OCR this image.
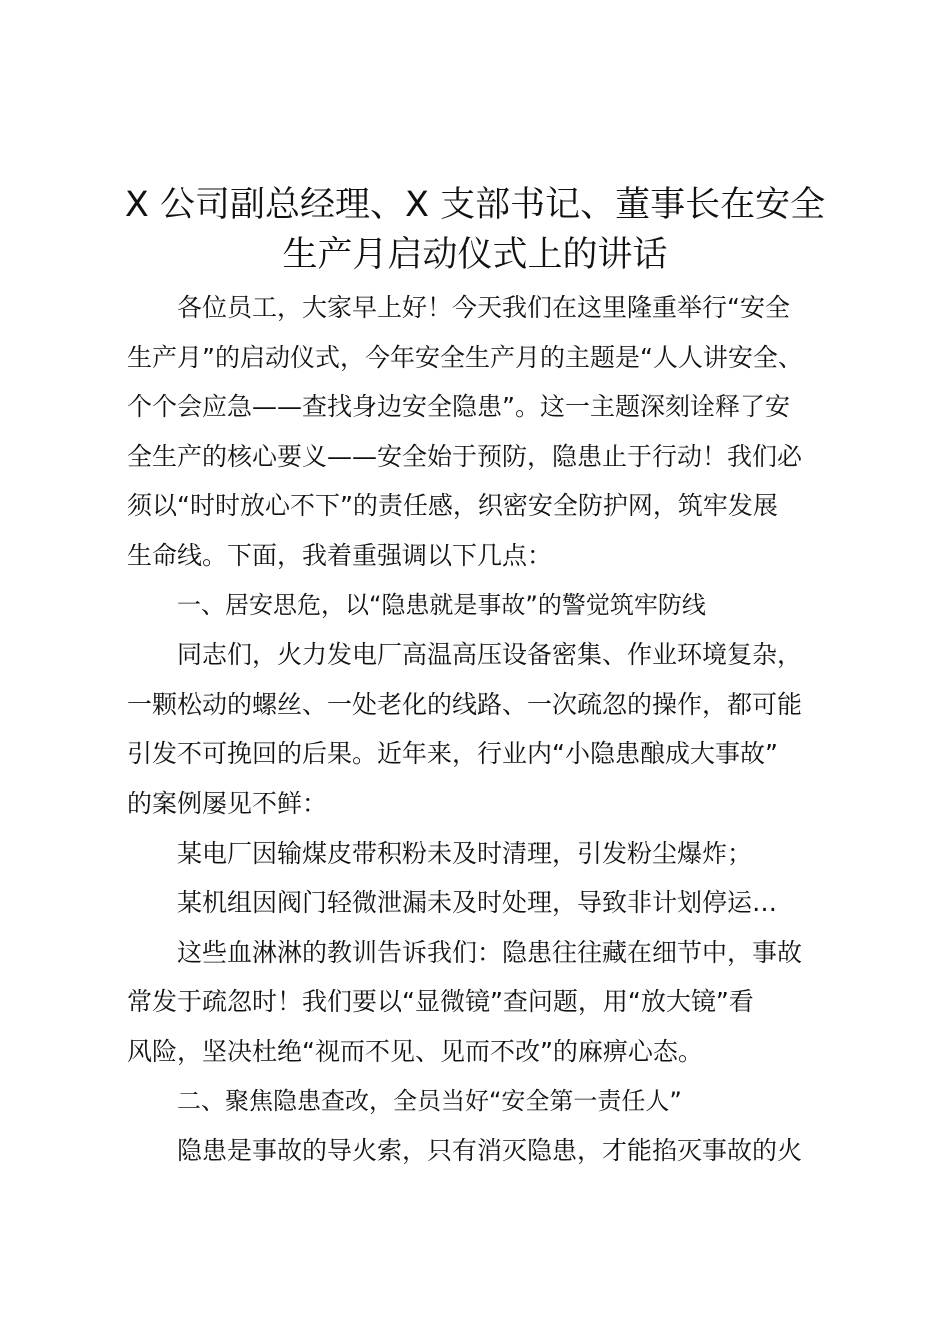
X 公司副总经理、X 支部书记、董事长在安全
生产月启动仪式上的讲话
各位员工，大家早上好！今天我们在这里隆重举行“安全
生产月”的启动仪式，今年安全生产月的主题是“人人讲安全、
个个会应急——查找身边安全隐患”。这一主题深刻诠释了安
全生产的核心要义——安全始于预防，隐患止于行动！我们必
须以“时时放心不下”的责任感，织密安全防护网，筑牢发展
生命线。下面，我着重强调以下几点：
一、居安思危，以“隐患就是事故”的警觉筑牢防线
同志们，火力发电厂高温高压设备密集、作业环境复杂，
一颗松动的螺丝、一处老化的线路、一次疏忽的操作，都可能
引发不可挽回的后果。近年来，行业内“小隐患酿成大事故”
的案例屡见不鲜：
某电厂因输煤皮带积粉未及时清理，引发粉尘爆炸；
某机组因阀门轻微泄漏未及时处理，导致非计划停运…
这些血淋淋的教训告诉我们：隐患往往藏在细节中，事故
常发于疏忽时！我们要以“显微镜”查问题，用“放大镜”看
风险，坚决杜绝“视而不见、见而不改”的麻痹心态。
二、聚焦隐患查改，全员当好“安全第一责任人”
隐患是事故的导火索，只有消灭隐患，才能掐灭事故的火
